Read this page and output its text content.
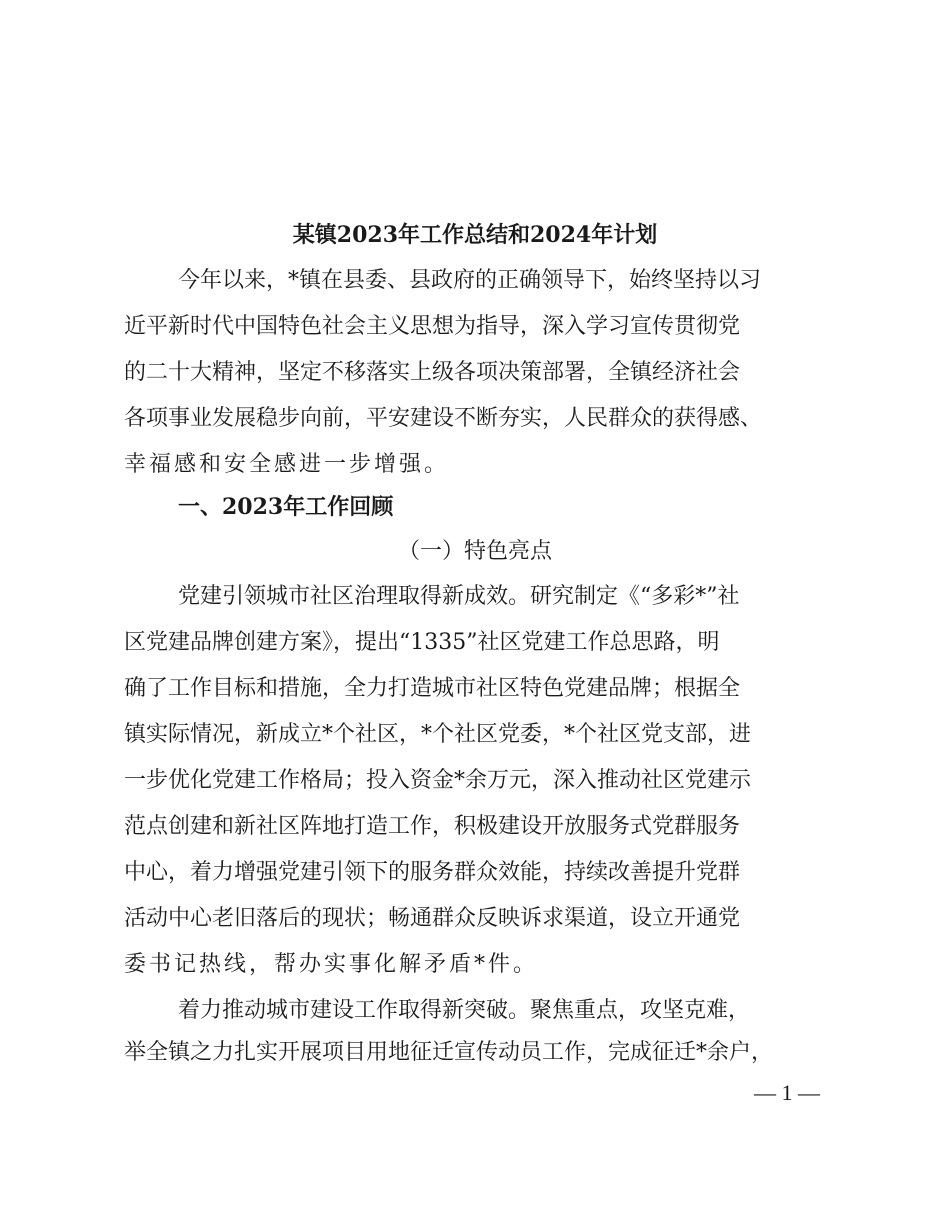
某镇2023年工作总结和2024年计划
今年以来，*镇在县委、县政府的正确领导下，始终坚持以习
近平新时代中国特色社会主义思想为指导，深入学习宣传贯彻党
的二十大精神，坚定不移落实上级各项决策部署，全镇经济社会
各项事业发展稳步向前，平安建设不断夯实，人民群众的获得感、
幸福感和安全感进一步增强。
一、2023年工作回顾
（一）特色亮点
党建引领城市社区治理取得新成效。研究制定《“多彩*”社
区党建品牌创建方案》，提出“1335”社区党建工作总思路，明
确了工作目标和措施，全力打造城市社区特色党建品牌；根据全
镇实际情况，新成立*个社区，*个社区党委，*个社区党支部，进
一步优化党建工作格局；投入资金*余万元，深入推动社区党建示
范点创建和新社区阵地打造工作，积极建设开放服务式党群服务
中心，着力增强党建引领下的服务群众效能，持续改善提升党群
活动中心老旧落后的现状；畅通群众反映诉求渠道，设立开通党
委书记热线，帮办实事化解矛盾*件。
着力推动城市建设工作取得新突破。聚焦重点，攻坚克难，
举全镇之力扎实开展项目用地征迁宣传动员工作，完成征迁*余户，
— 1 —
